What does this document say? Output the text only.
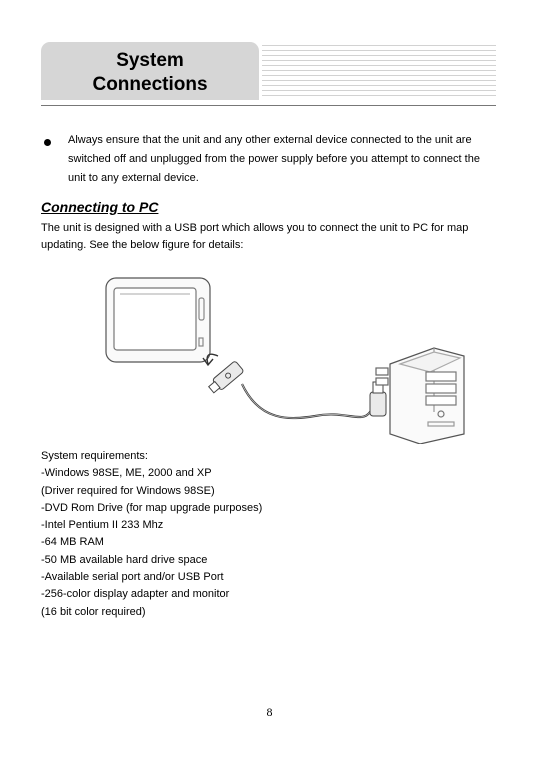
System
Connections
Always ensure that the unit and any other external device connected to the unit are switched off and unplugged from the power supply before you attempt to connect the unit to any external device.
Connecting to PC
The unit is designed with a USB port which allows you to connect the unit to PC for map updating. See the below figure for details:
System requirements:
-Windows 98SE, ME, 2000 and XP
(Driver required for Windows 98SE)
-DVD Rom Drive (for map upgrade purposes)
-Intel Pentium II 233 Mhz
-64 MB RAM
-50 MB available hard drive space
-Available serial port and/or USB Port
-256-color display adapter and monitor
(16 bit color required)
8
